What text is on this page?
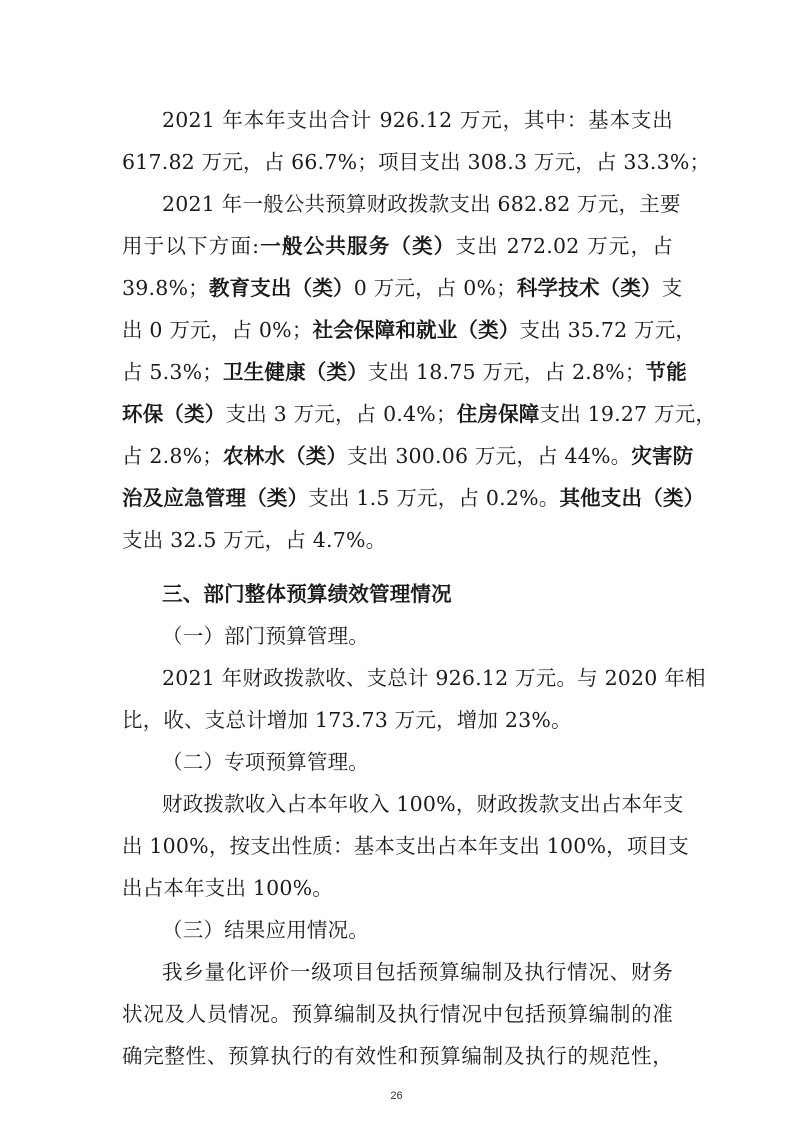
2021 年本年支出合计 926.12 万元，其中：基本支出
617.82 万元，占 66.7%；项目支出 308.3 万元，占 33.3%；
2021 年一般公共预算财政拨款支出 682.82 万元，主要
用于以下方面:一般公共服务（类）支出 272.02 万元，占
39.8%；教育支出（类）0 万元，占 0%；科学技术（类）支
出 0 万元，占 0%；社会保障和就业（类）支出 35.72 万元，
占 5.3%；卫生健康（类）支出 18.75 万元，占 2.8%；节能
环保（类）支出 3 万元，占 0.4%；住房保障支出 19.27 万元，
占 2.8%；农林水（类）支出 300.06 万元，占 44%。灾害防
治及应急管理（类）支出 1.5 万元，占 0.2%。其他支出（类）
支出 32.5 万元，占 4.7%。
三、部门整体预算绩效管理情况
（一）部门预算管理。
2021 年财政拨款收、支总计 926.12 万元。与 2020 年相
比，收、支总计增加 173.73 万元，增加 23%。
（二）专项预算管理。
财政拨款收入占本年收入 100%，财政拨款支出占本年支
出 100%，按支出性质：基本支出占本年支出 100%，项目支
出占本年支出 100%。
（三）结果应用情况。
我乡量化评价一级项目包括预算编制及执行情况、财务
状况及人员情况。预算编制及执行情况中包括预算编制的准
确完整性、预算执行的有效性和预算编制及执行的规范性，
26
